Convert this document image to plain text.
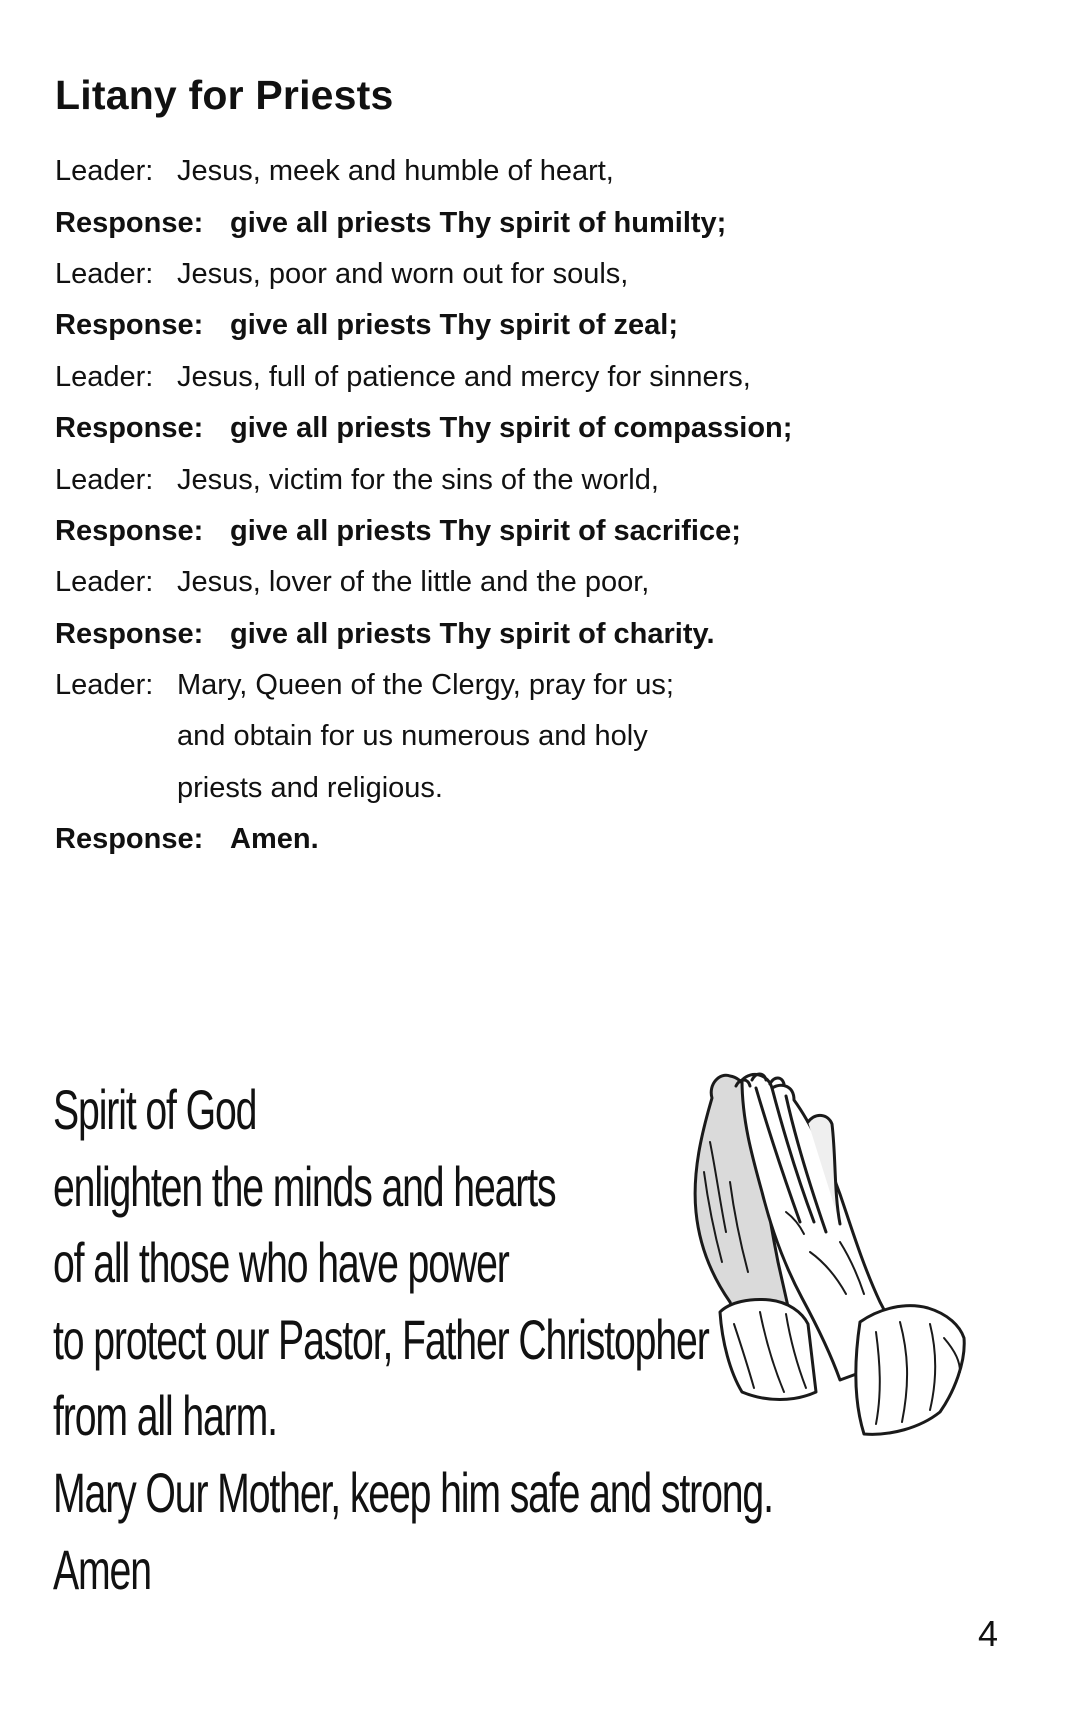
Litany for Priests
Leader: Jesus, meek and humble of heart,
Response: give all priests Thy spirit of humilty;
Leader: Jesus, poor and worn out for souls,
Response: give all priests Thy spirit of zeal;
Leader: Jesus, full of patience and mercy for sinners,
Response: give all priests Thy spirit of compassion;
Leader: Jesus, victim for the sins of the world,
Response: give all priests Thy spirit of sacrifice;
Leader: Jesus, lover of the little and the poor,
Response: give all priests Thy spirit of charity.
Leader: Mary, Queen of the Clergy, pray for us;
and obtain for us numerous and holy
priests and religious.
Response: Amen.
Spirit of God
enlighten the minds and hearts
of all those who have power
to protect our Pastor, Father Christopher
from all harm.
Mary Our Mother, keep him safe and strong.
Amen
4
